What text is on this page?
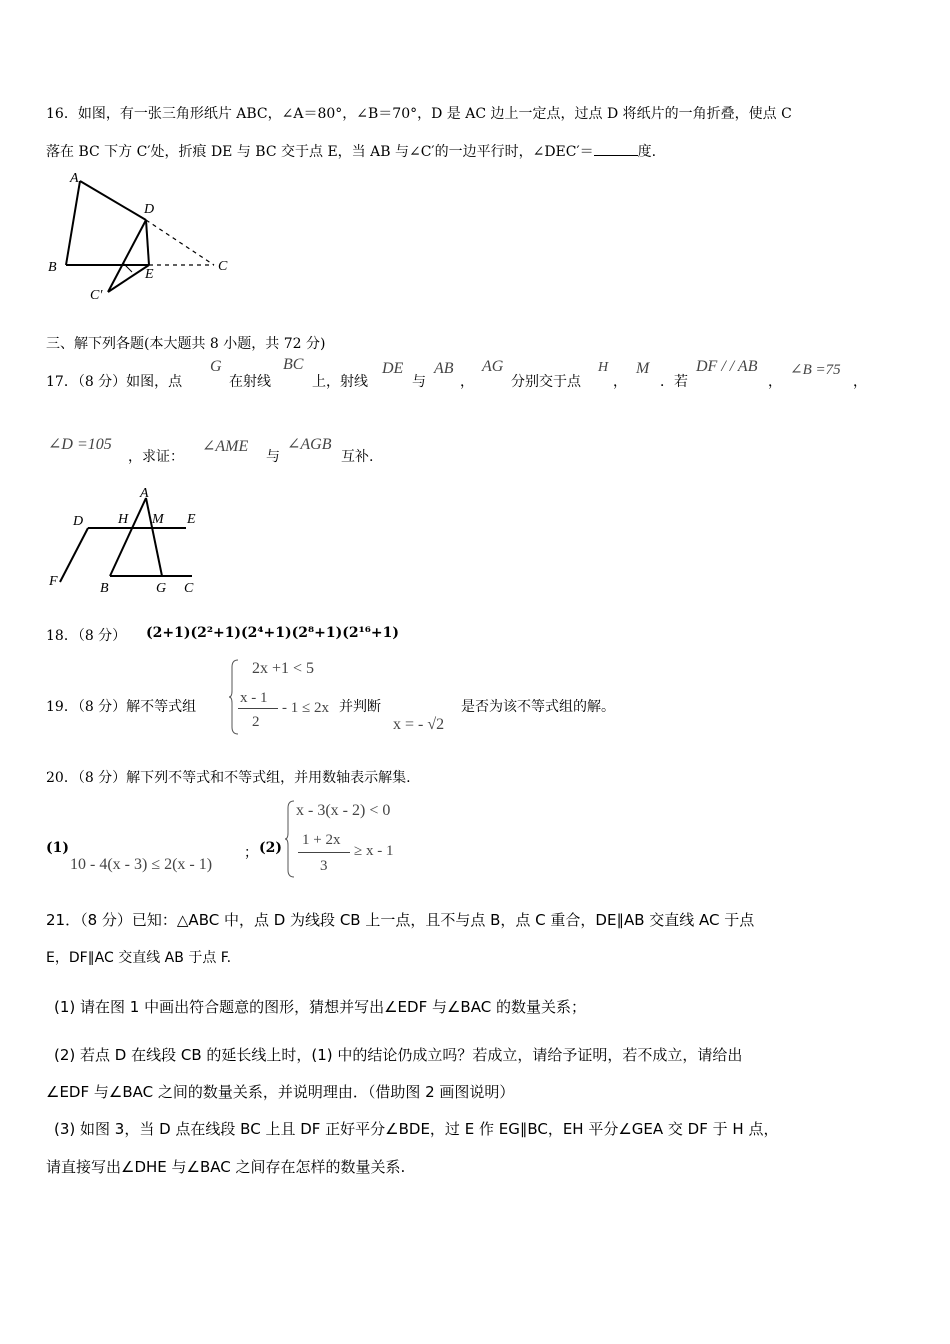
16．如图，有一张三角形纸片 ABC，∠A＝80°，∠B＝70°，D 是 AC 边上一定点，过点 D 将纸片的一角折叠，使点 C
落在 BC 下方 C′处，折痕 DE 与 BC 交于点 E，当 AB 与∠C′的一边平行时，∠DEC′＝	度.
A
B	C
D
E
C′
三、解下列各题(本大题共 8 小题，共 72 分)
17．（8 分）如图，点
G
在射线
BC
上，射线
DE
与
AB
，
AG
分别交于点
H
，
M
．若
DF / / AB
，
∠B =75
，
∠D =105
，求证：
∠AME
与
∠AGB
互补.
A
D H M E
F	B	G C
18．（8 分） (2+1)(2²+1)(2⁴+1)(2⁸+1)(2¹⁶+1)
19．（8 分）解不等式组
2x +1 < 5
x - 1
2
- 1 ≤ 2x 并判断
x = - √2
是否为该不等式组的解。
20．（8 分）解下列不等式和不等式组，并用数轴表示解集.
(1)
10 - 4(x - 3) ≤ 2(x - 1)
； (2)
x - 3(x - 2) < 0
1 + 2x
3
≥ x - 1
21．（8 分）已知：△ABC 中，点 D 为线段 CB 上一点，且不与点 B，点 C 重合，DE∥AB 交直线 AC 于点
E，DF∥AC 交直线 AB 于点 F.
(1) 请在图 1 中画出符合题意的图形，猜想并写出∠EDF 与∠BAC 的数量关系；
(2) 若点 D 在线段 CB 的延长线上时，(1) 中的结论仍成立吗？若成立，请给予证明，若不成立，请给出
∠EDF 与∠BAC 之间的数量关系，并说明理由．（借助图 2 画图说明）
(3) 如图 3，当 D 点在线段 BC 上且 DF 正好平分∠BDE，过 E 作 EG∥BC，EH 平分∠GEA 交 DF 于 H 点，
请直接写出∠DHE 与∠BAC 之间存在怎样的数量关系.
